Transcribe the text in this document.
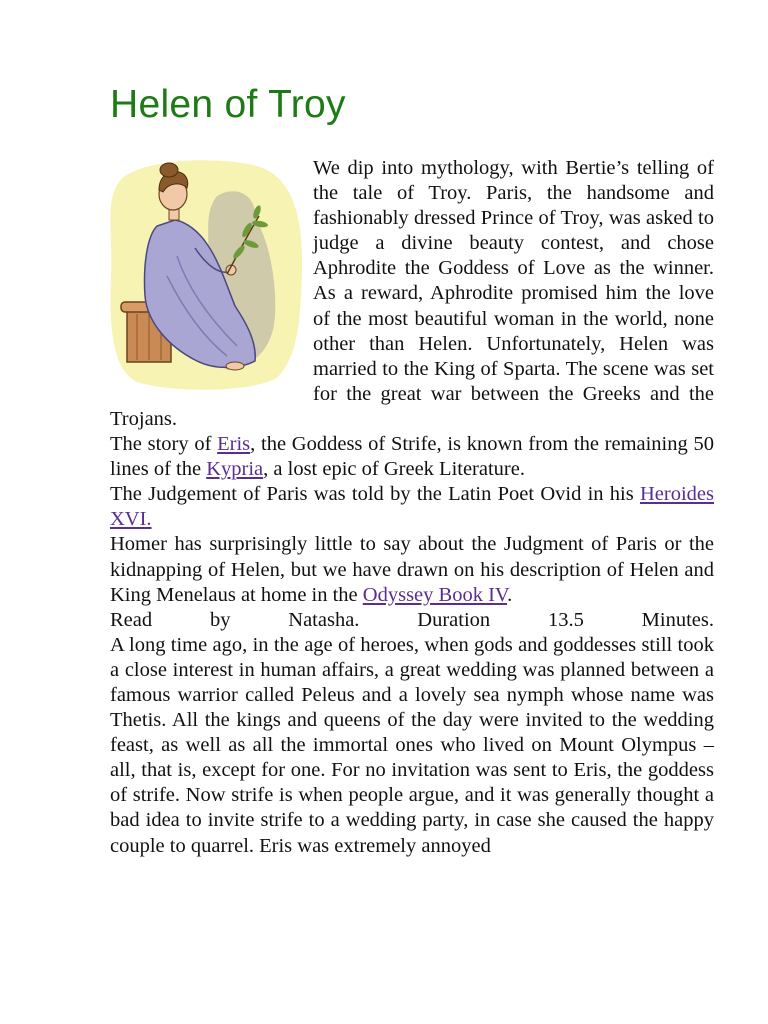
Helen of Troy

We dip into mythology, with Bertie’s telling of the tale of Troy. Paris, the handsome and fashionably dressed Prince of Troy, was asked to judge a divine beauty contest, and chose Aphrodite the Goddess of Love as the winner. As a reward, Aphrodite promised him the love of the most beautiful woman in the world, none other than Helen. Unfortunately, Helen was married to the King of Sparta. The scene was set for the great war between the Greeks and the Trojans.

The story of Eris, the Goddess of Strife, is known from the remaining 50 lines of the Kypria, a lost epic of Greek Literature.

The Judgement of Paris was told by the Latin Poet Ovid in his Heroides XVI.

Homer has surprisingly little to say about the Judgment of Paris or the kidnapping of Helen, but we have drawn on his description of Helen and King Menelaus at home in the Odyssey Book IV.

Read by Natasha. Duration 13.5 Minutes.

A long time ago, in the age of heroes, when gods and goddesses still took a close interest in human affairs, a great wedding was planned between a famous warrior called Peleus and a lovely sea nymph whose name was Thetis. All the kings and queens of the day were invited to the wedding feast, as well as all the immortal ones who lived on Mount Olympus – all, that is, except for one. For no invitation was sent to Eris, the goddess of strife. Now strife is when people argue, and it was generally thought a bad idea to invite strife to a wedding party, in case she caused the happy couple to quarrel. Eris was extremely annoyed
